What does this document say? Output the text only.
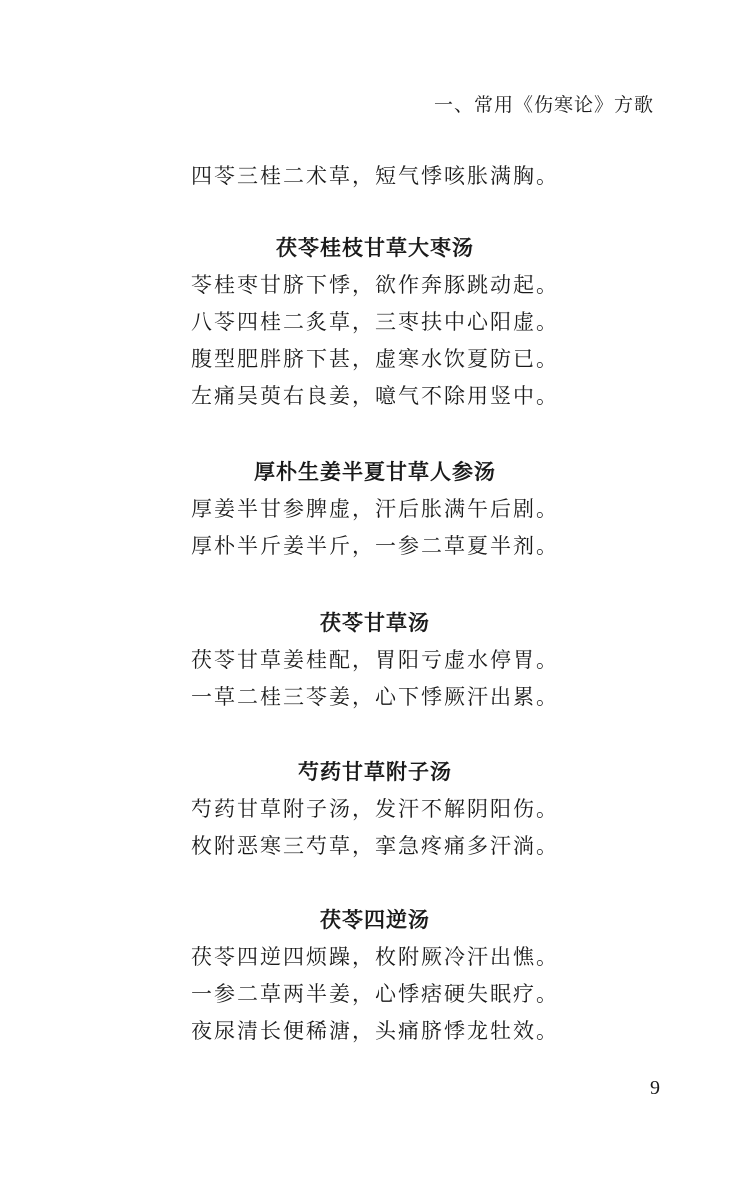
一、常用《伤寒论》方歌
四苓三桂二术草，短气悸咳胀满胸。
茯苓桂枝甘草大枣汤
苓桂枣甘脐下悸，欲作奔豚跳动起。
八苓四桂二炙草，三枣扶中心阳虚。
腹型肥胖脐下甚，虚寒水饮夏防已。
左痛吴萸右良姜，噫气不除用竖中。
厚朴生姜半夏甘草人参汤
厚姜半甘参脾虚，汗后胀满午后剧。
厚朴半斤姜半斤，一参二草夏半剂。
茯苓甘草汤
茯苓甘草姜桂配，胃阳亏虚水停胃。
一草二桂三苓姜，心下悸厥汗出累。
芍药甘草附子汤
芍药甘草附子汤，发汗不解阴阳伤。
枚附恶寒三芍草，挛急疼痛多汗淌。
茯苓四逆汤
茯苓四逆四烦躁，枚附厥冷汗出憔。
一参二草两半姜，心悸痞硬失眠疗。
夜尿清长便稀溏，头痛脐悸龙牡效。
9
